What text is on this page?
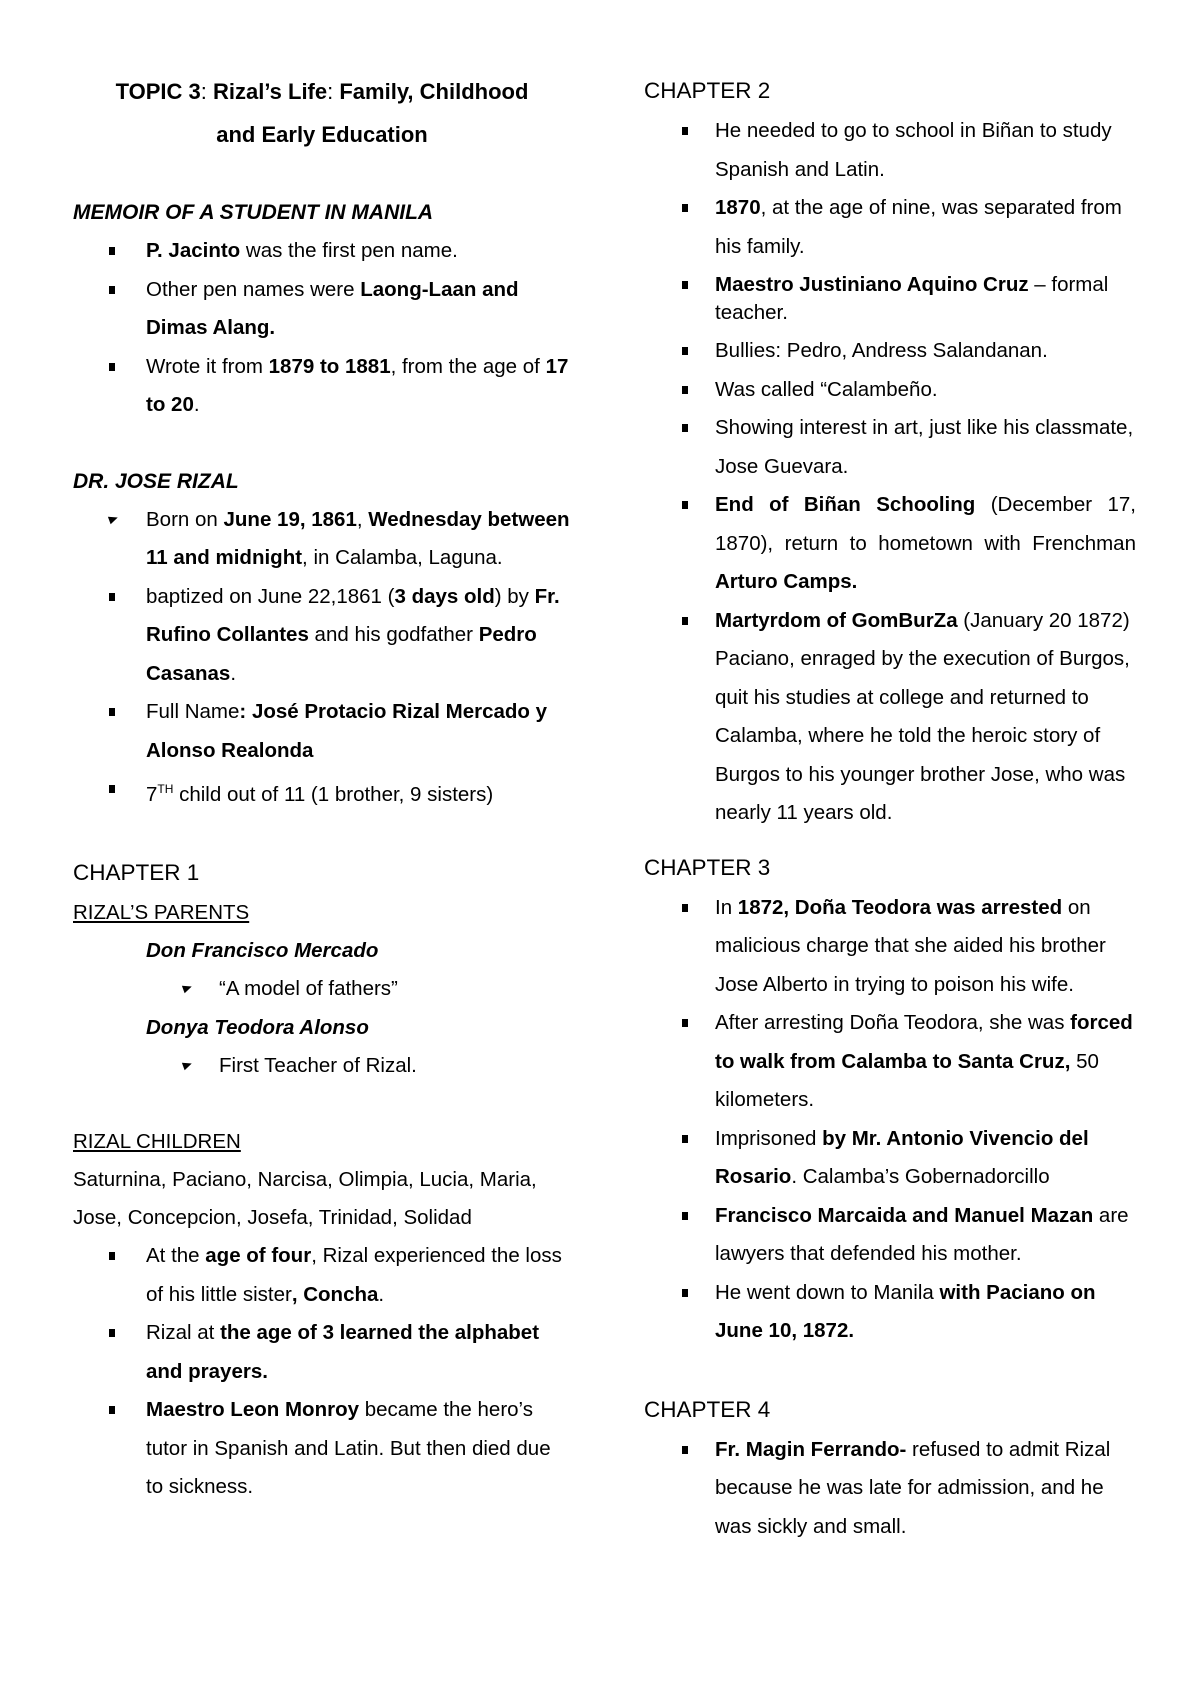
TOPIC 3: Rizal’s Life: Family, Childhood
and Early Education

MEMOIR OF A STUDENT IN MANILA

P. Jacinto was the first pen name.
Other pen names were Laong-Laan and Dimas Alang.
Wrote it from 1879 to 1881, from the age of 17 to 20.

DR. JOSE RIZAL

Born on June 19, 1861, Wednesday between 11 and midnight, in Calamba, Laguna.
baptized on June 22,1861 (3 days old) by Fr. Rufino Collantes and his godfather Pedro Casanas.
Full Name: José Protacio Rizal Mercado y Alonso Realonda
7TH child out of 11 (1 brother, 9 sisters)

CHAPTER 1

RIZAL’S PARENTS

Don Francisco Mercado

“A model of fathers”

Donya Teodora Alonso

First Teacher of Rizal.

RIZAL CHILDREN

Saturnina, Paciano, Narcisa, Olimpia, Lucia, Maria, Jose, Concepcion, Josefa, Trinidad, Solidad

At the age of four, Rizal experienced the loss of his little sister, Concha.
Rizal at the age of 3 learned the alphabet and prayers.
Maestro Leon Monroy became the hero’s tutor in Spanish and Latin. But then died due to sickness.

CHAPTER 2

He needed to go to school in Biñan to study Spanish and Latin.
1870, at the age of nine, was separated from his family.
Maestro Justiniano Aquino Cruz – formal teacher.
Bullies: Pedro, Andress Salandanan.
Was called “Calambeño.
Showing interest in art, just like his classmate, Jose Guevara.
End of Biñan Schooling (December 17, 1870), return to hometown with Frenchman Arturo Camps.
Martyrdom of GomBurZa (January 20 1872) Paciano, enraged by the execution of Burgos, quit his studies at college and returned to Calamba, where he told the heroic story of Burgos to his younger brother Jose, who was nearly 11 years old.

CHAPTER 3

In 1872, Doña Teodora was arrested on malicious charge that she aided his brother Jose Alberto in trying to poison his wife.
After arresting Doña Teodora, she was forced to walk from Calamba to Santa Cruz, 50 kilometers.
Imprisoned by Mr. Antonio Vivencio del Rosario. Calamba’s Gobernadorcillo
Francisco Marcaida and Manuel Mazan are lawyers that defended his mother.
He went down to Manila with Paciano on June 10, 1872.

CHAPTER 4

Fr. Magin Ferrando- refused to admit Rizal because he was late for admission, and he was sickly and small.
